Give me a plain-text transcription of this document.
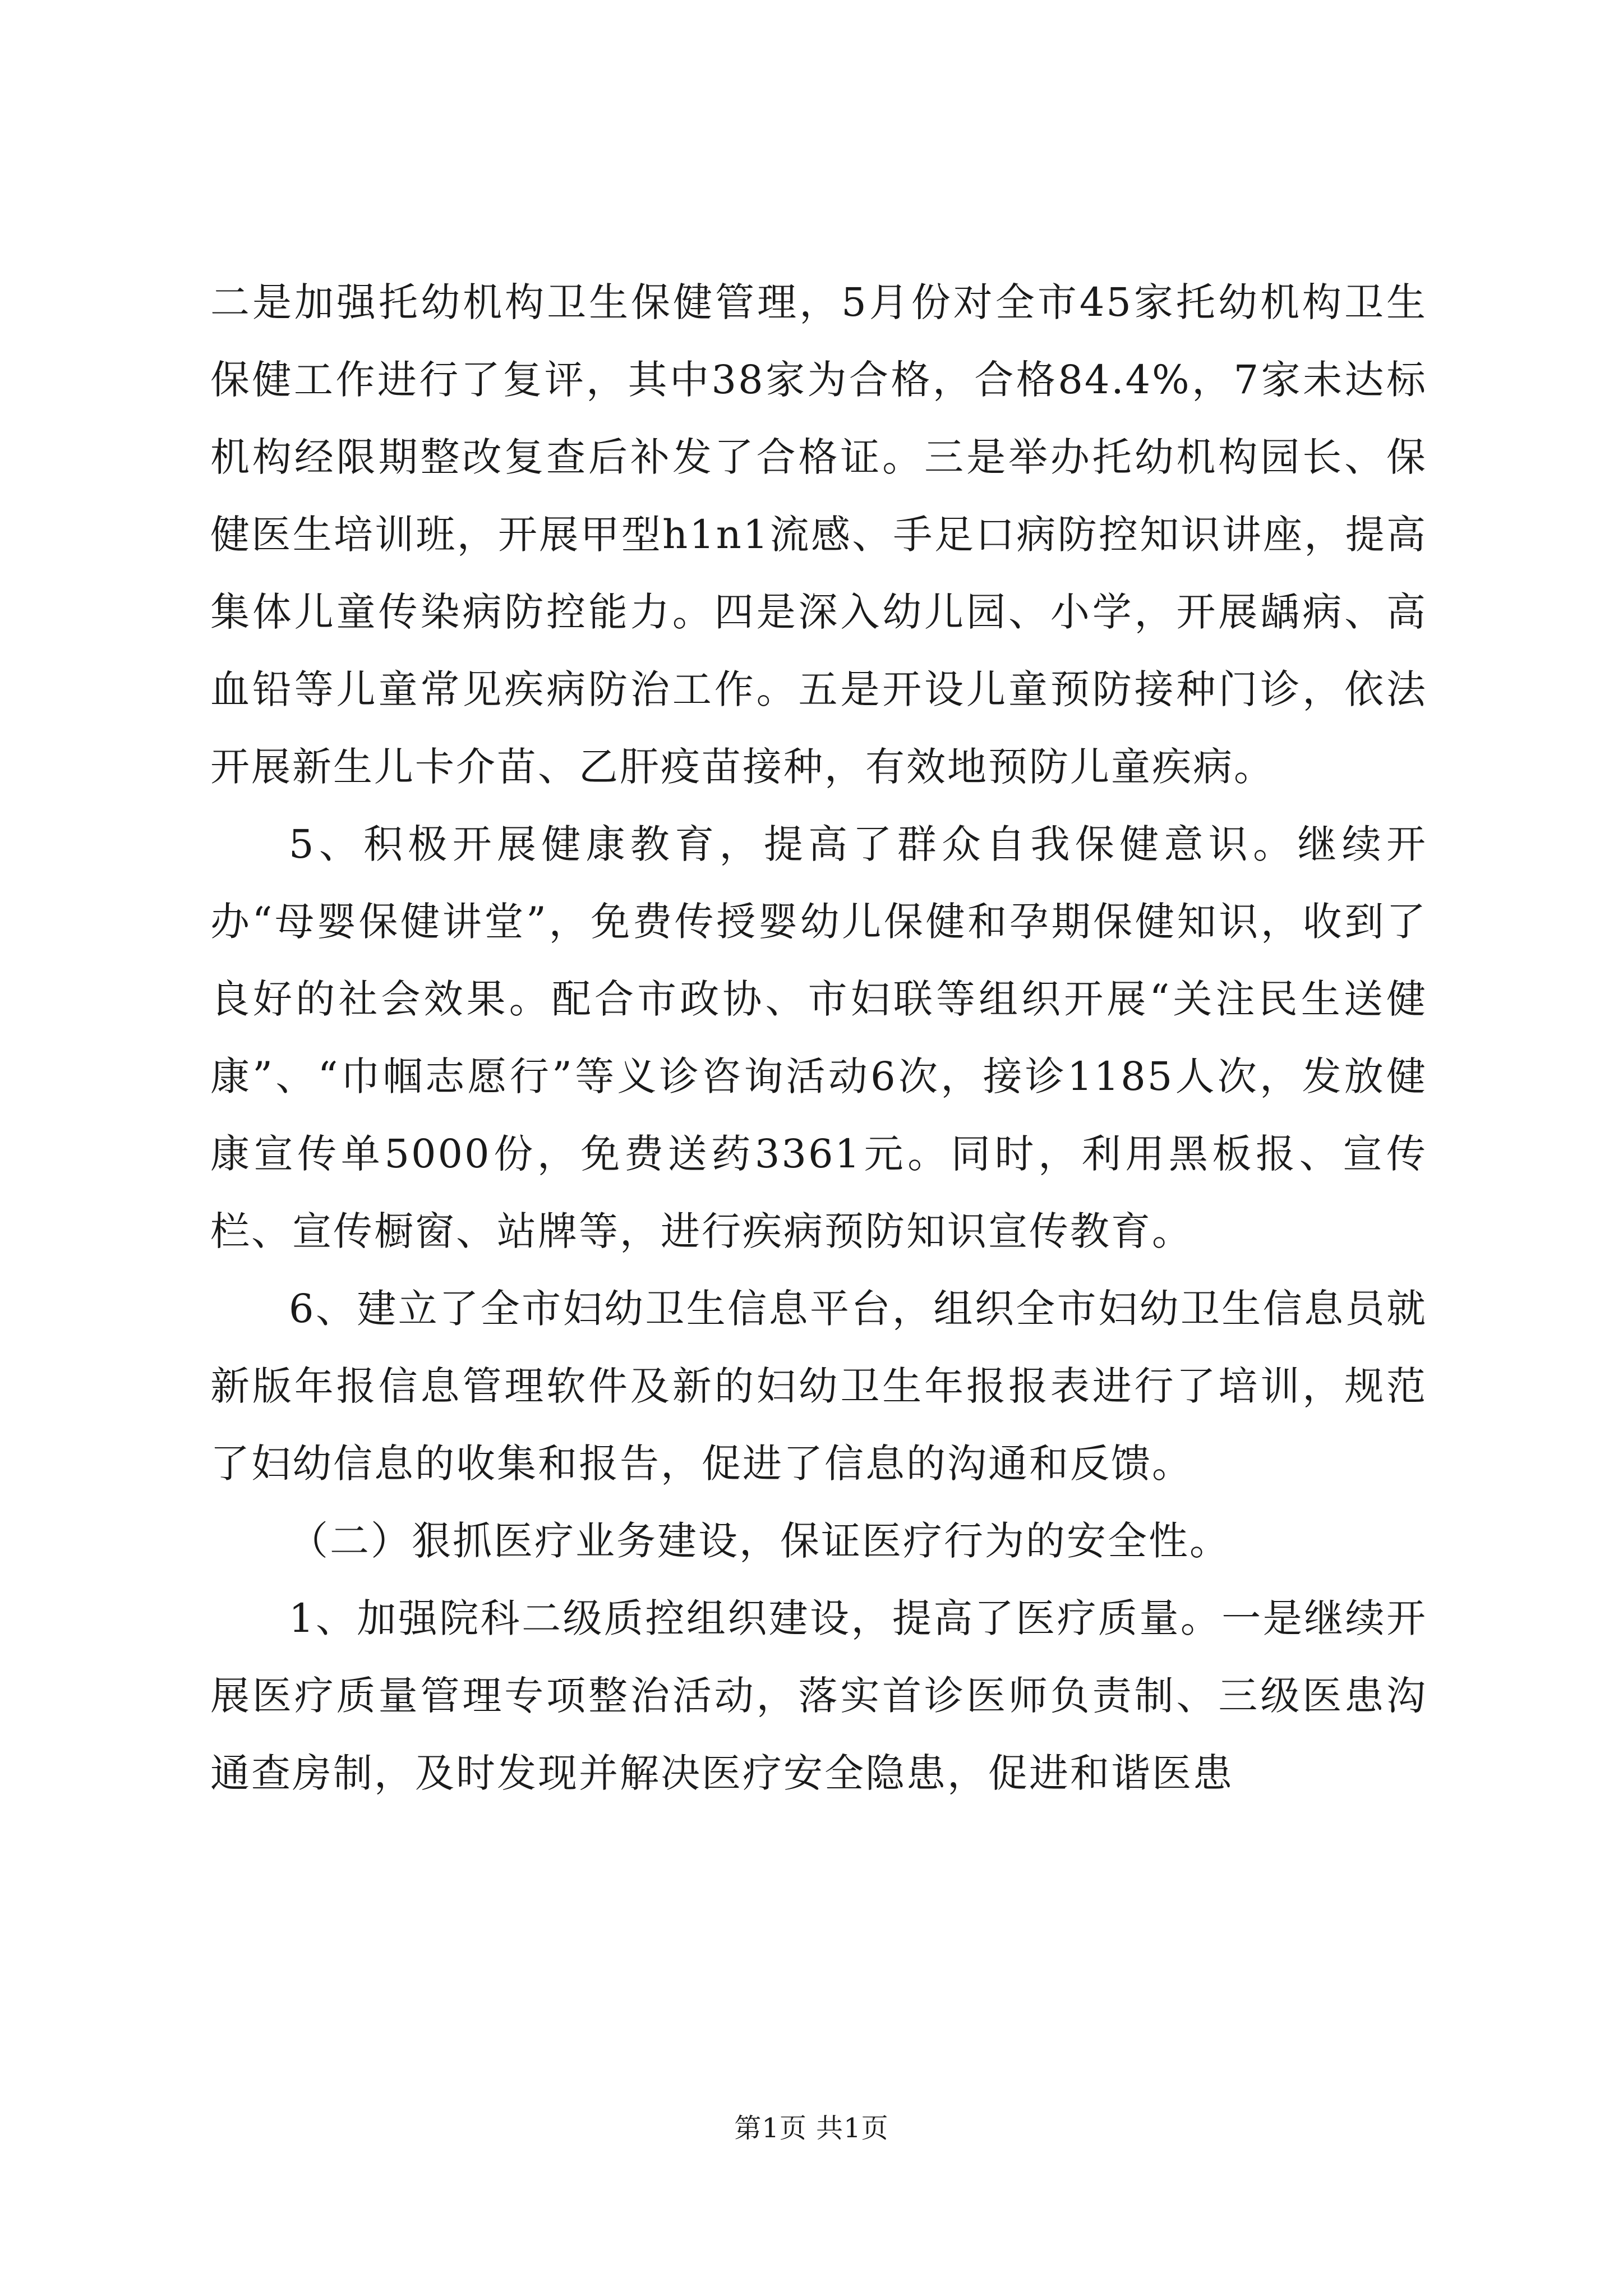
二是加强托幼机构卫生保健管理，5月份对全市45家托幼机构卫生保健工作进行了复评，其中38家为合格，合格84.4%，7家未达标机构经限期整改复查后补发了合格证。三是举办托幼机构园长、保健医生培训班，开展甲型h1n1流感、手足口病防控知识讲座，提高集体儿童传染病防控能力。四是深入幼儿园、小学，开展龋病、高血铅等儿童常见疾病防治工作。五是开设儿童预防接种门诊，依法开展新生儿卡介苗、乙肝疫苗接种，有效地预防儿童疾病。

5、积极开展健康教育，提高了群众自我保健意识。继续开办“母婴保健讲堂”，免费传授婴幼儿保健和孕期保健知识，收到了良好的社会效果。配合市政协、市妇联等组织开展“关注民生送健康”、“巾帼志愿行”等义诊咨询活动6次，接诊1185人次，发放健康宣传单5000份，免费送药3361元。同时，利用黑板报、宣传栏、宣传橱窗、站牌等，进行疾病预防知识宣传教育。

6、建立了全市妇幼卫生信息平台，组织全市妇幼卫生信息员就新版年报信息管理软件及新的妇幼卫生年报报表进行了培训，规范了妇幼信息的收集和报告，促进了信息的沟通和反馈。

（二）狠抓医疗业务建设，保证医疗行为的安全性。

1、加强院科二级质控组织建设，提高了医疗质量。一是继续开展医疗质量管理专项整治活动，落实首诊医师负责制、三级医患沟通查房制，及时发现并解决医疗安全隐患，促进和谐医患

第1页 共1页
